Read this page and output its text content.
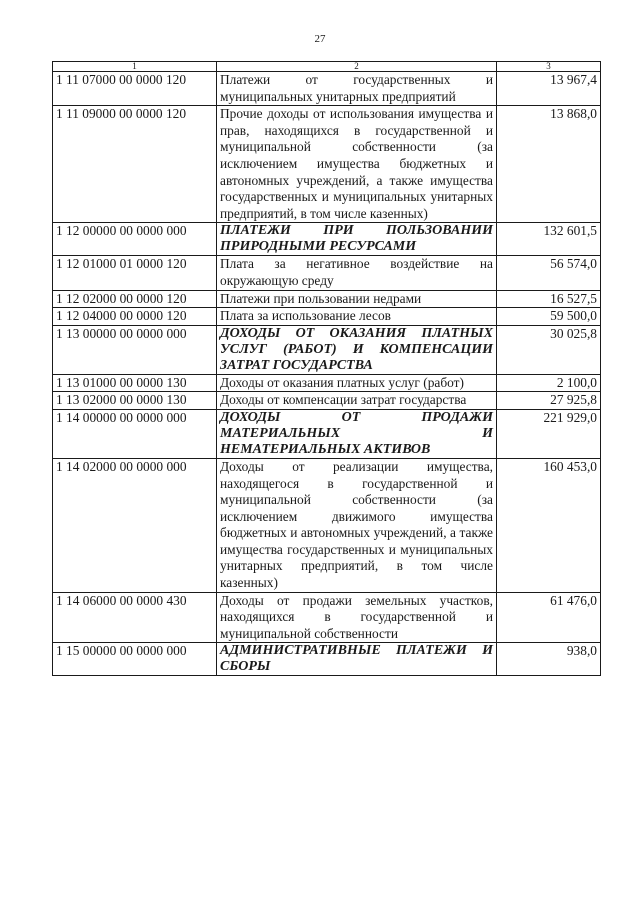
27
1	2	3
1 11 07000 00 0000 120	Платежи от государственных и муниципальных унитарных предприятий	13 967,4
1 11 09000 00 0000 120	Прочие доходы от использования имущества и прав, находящихся в государственной и муниципальной собственности (за исключением имущества бюджетных и автономных учреждений, а также имущества государственных и муниципальных унитарных предприятий, в том числе казенных)	13 868,0
1 12 00000 00 0000 000	ПЛАТЕЖИ ПРИ ПОЛЬЗОВАНИИ ПРИРОДНЫМИ РЕСУРСАМИ	132 601,5
1 12 01000 01 0000 120	Плата за негативное воздействие на окружающую среду	56 574,0
1 12 02000 00 0000 120	Платежи при пользовании недрами	16 527,5
1 12 04000 00 0000 120	Плата за использование лесов	59 500,0
1 13 00000 00 0000 000	ДОХОДЫ ОТ ОКАЗАНИЯ ПЛАТНЫХ УСЛУГ (РАБОТ) И КОМПЕНСАЦИИ ЗАТРАТ ГОСУДАРСТВА	30 025,8
1 13 01000 00 0000 130	Доходы от оказания платных услуг (работ)	2 100,0
1 13 02000 00 0000 130	Доходы от компенсации затрат государства	27 925,8
1 14 00000 00 0000 000	ДОХОДЫ ОТ ПРОДАЖИ МАТЕРИАЛЬНЫХ И НЕМАТЕРИАЛЬНЫХ АКТИВОВ	221 929,0
1 14 02000 00 0000 000	Доходы от реализации имущества, находящегося в государственной и муниципальной собственности (за исключением движимого имущества бюджетных и автономных учреждений, а также имущества государственных и муниципальных унитарных предприятий, в том числе казенных)	160 453,0
1 14 06000 00 0000 430	Доходы от продажи земельных участков, находящихся в государственной и муниципальной собственности	61 476,0
1 15 00000 00 0000 000	АДМИНИСТРАТИВНЫЕ ПЛАТЕЖИ И СБОРЫ	938,0
